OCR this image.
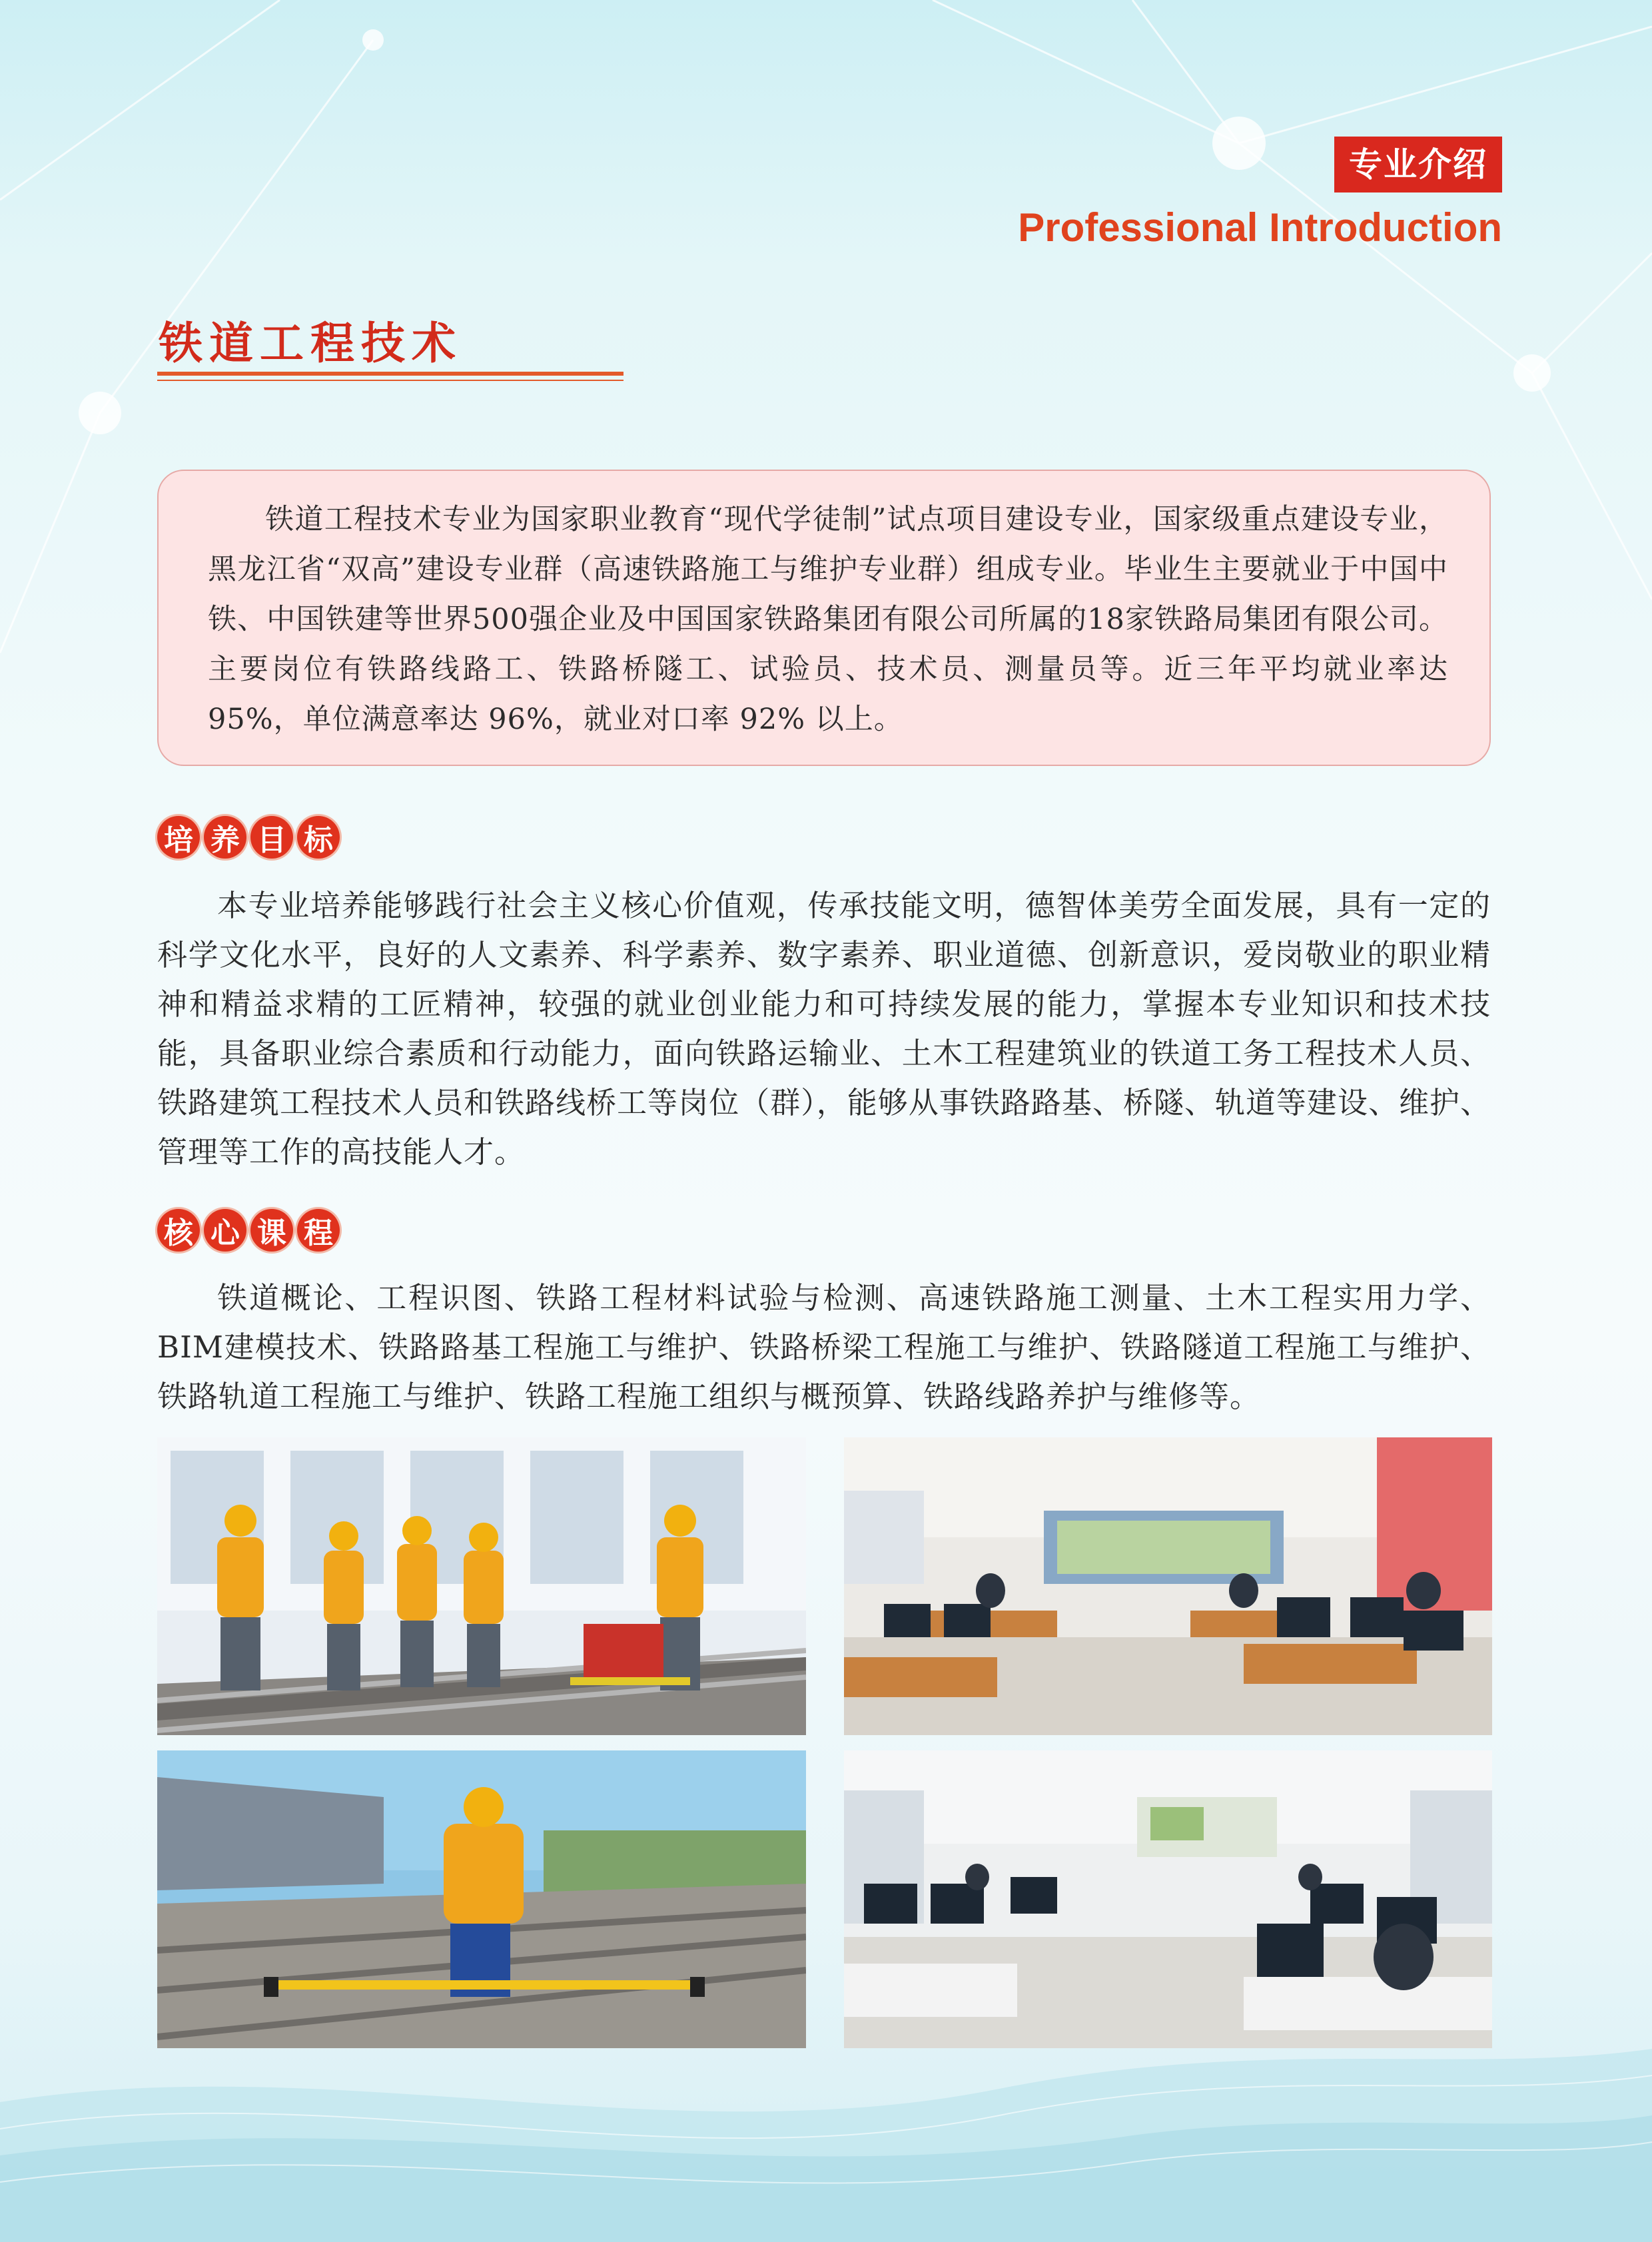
专业介绍
Professional Introduction
铁道工程技术

铁道工程技术专业为国家职业教育“现代学徒制”试点项目建设专业，国家级重点建设专业，黑龙江省“双高”建设专业群（高速铁路施工与维护专业群）组成专业。毕业生主要就业于中国中铁、中国铁建等世界500强企业及中国国家铁路集团有限公司所属的18家铁路局集团有限公司。主要岗位有铁路线路工、铁路桥隧工、试验员、技术员、测量员等。近三年平均就业率达 95%，单位满意率达 96%，就业对口率 92% 以上。

培 养 目 标

本专业培养能够践行社会主义核心价值观，传承技能文明，德智体美劳全面发展，具有一定的科学文化水平，良好的人文素养、科学素养、数字素养、职业道德、创新意识，爱岗敬业的职业精神和精益求精的工匠精神，较强的就业创业能力和可持续发展的能力，掌握本专业知识和技术技能，具备职业综合素质和行动能力，面向铁路运输业、土木工程建筑业的铁道工务工程技术人员、铁路建筑工程技术人员和铁路线桥工等岗位（群），能够从事铁路路基、桥隧、轨道等建设、维护、管理等工作的高技能人才。

核 心 课 程

铁道概论、工程识图、铁路工程材料试验与检测、高速铁路施工测量、土木工程实用力学、BIM建模技术、铁路路基工程施工与维护、铁路桥梁工程施工与维护、铁路隧道工程施工与维护、铁路轨道工程施工与维护、铁路工程施工组织与概预算、铁路线路养护与维修等。
